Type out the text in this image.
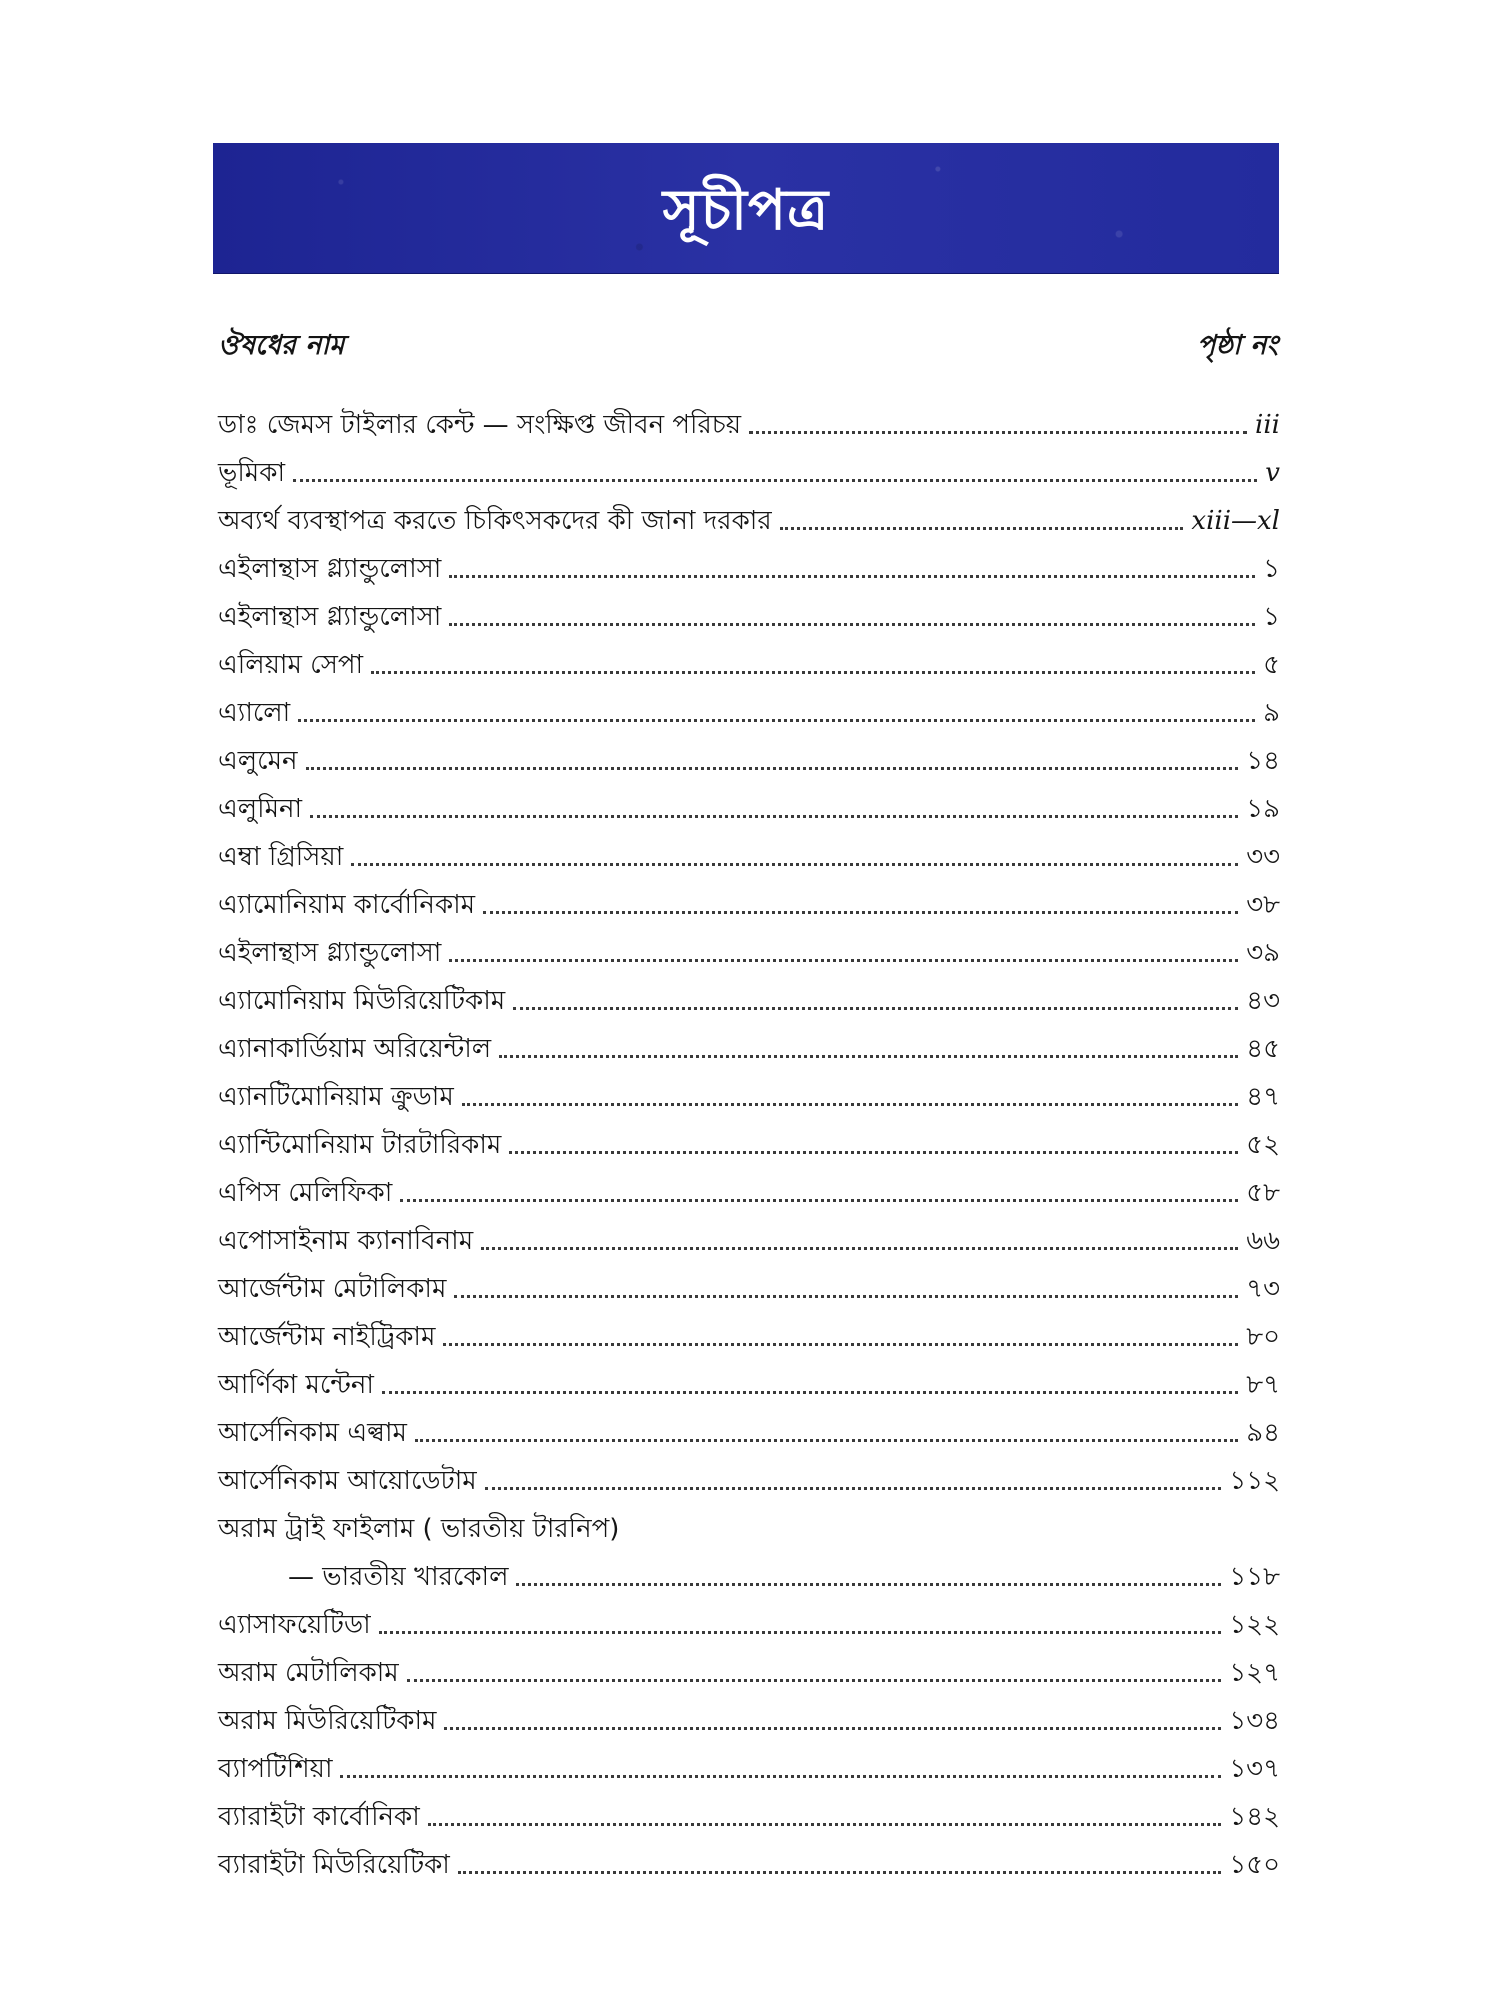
সূচীপত্র
ঔষধের নাম	পৃষ্ঠা নং
ডাঃ জেমস টাইলার কেন্ট — সংক্ষিপ্ত জীবন পরিচয়	iii
ভূমিকা	v
অব্যর্থ ব্যবস্থাপত্র করতে চিকিৎসকদের কী জানা দরকার	xiii—xl
এইলান্থাস গ্ল্যান্ডুলোসা	১
এইলান্থাস গ্ল্যান্ডুলোসা	১
এলিয়াম সেপা	৫
এ্যালো	৯
এলুমেন	১৪
এলুমিনা	১৯
এম্বা গ্রিসিয়া	৩৩
এ্যামোনিয়াম কার্বোনিকাম	৩৮
এইলান্থাস গ্ল্যান্ডুলোসা	৩৯
এ্যামোনিয়াম মিউরিয়েটিকাম	৪৩
এ্যানাকার্ডিয়াম অরিয়েন্টাল	৪৫
এ্যানটিমোনিয়াম ক্রুডাম	৪৭
এ্যান্টিমোনিয়াম টারটারিকাম	৫২
এপিস মেলিফিকা	৫৮
এপোসাইনাম ক্যানাবিনাম	৬৬
আর্জেন্টাম মেটালিকাম	৭৩
আর্জেন্টাম নাইট্রিকাম	৮০
আর্ণিকা মন্টেনা	৮৭
আর্সেনিকাম এল্বাম	৯৪
আর্সেনিকাম আয়োডেটাম	১১২
অরাম ট্রাই ফাইলাম ( ভারতীয় টারনিপ)
— ভারতীয় খারকোল	১১৮
এ্যাসাফয়েটিডা	১২২
অরাম মেটালিকাম	১২৭
অরাম মিউরিয়েটিকাম	১৩৪
ব্যাপটিশিয়া	১৩৭
ব্যারাইটা কার্বোনিকা	১৪২
ব্যারাইটা মিউরিয়েটিকা	১৫০
